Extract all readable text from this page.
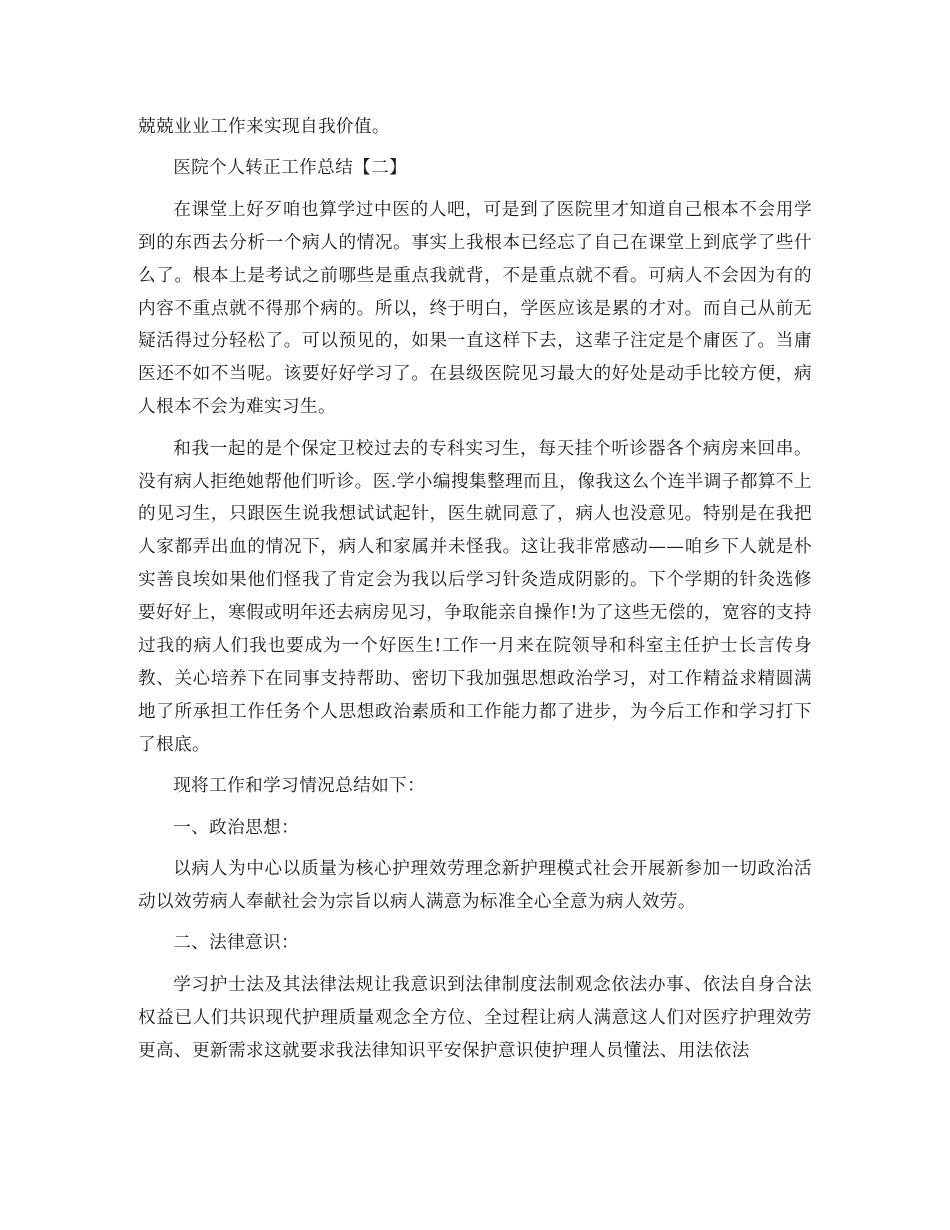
兢兢业业工作来实现自我价值。

医院个人转正工作总结【二】

在课堂上好歹咱也算学过中医的人吧，可是到了医院里才知道自己根本不会用学到的东西去分析一个病人的情况。事实上我根本已经忘了自己在课堂上到底学了些什么了。根本上是考试之前哪些是重点我就背，不是重点就不看。可病人不会因为有的内容不重点就不得那个病的。所以，终于明白，学医应该是累的才对。而自己从前无疑活得过分轻松了。可以预见的，如果一直这样下去，这辈子注定是个庸医了。当庸医还不如不当呢。该要好好学习了。在县级医院见习最大的好处是动手比较方便，病人根本不会为难实习生。

和我一起的是个保定卫校过去的专科实习生，每天挂个听诊器各个病房来回串。没有病人拒绝她帮他们听诊。医.学小编搜集整理而且，像我这么个连半调子都算不上的见习生，只跟医生说我想试试起针，医生就同意了，病人也没意见。特别是在我把人家都弄出血的情况下，病人和家属并未怪我。这让我非常感动——咱乡下人就是朴实善良埃如果他们怪我了肯定会为我以后学习针灸造成阴影的。下个学期的针灸选修要好好上，寒假或明年还去病房见习，争取能亲自操作!为了这些无偿的，宽容的支持过我的病人们我也要成为一个好医生!工作一月来在院领导和科室主任护士长言传身教、关心培养下在同事支持帮助、密切下我加强思想政治学习，对工作精益求精圆满地了所承担工作任务个人思想政治素质和工作能力都了进步，为今后工作和学习打下了根底。

现将工作和学习情况总结如下：

一、政治思想：

以病人为中心以质量为核心护理效劳理念新护理模式社会开展新参加一切政治活动以效劳病人奉献社会为宗旨以病人满意为标准全心全意为病人效劳。

二、法律意识：

学习护士法及其法律法规让我意识到法律制度法制观念依法办事、依法自身合法权益已人们共识现代护理质量观念全方位、全过程让病人满意这人们对医疗护理效劳更高、更新需求这就要求我法律知识平安保护意识使护理人员懂法、用法依法
